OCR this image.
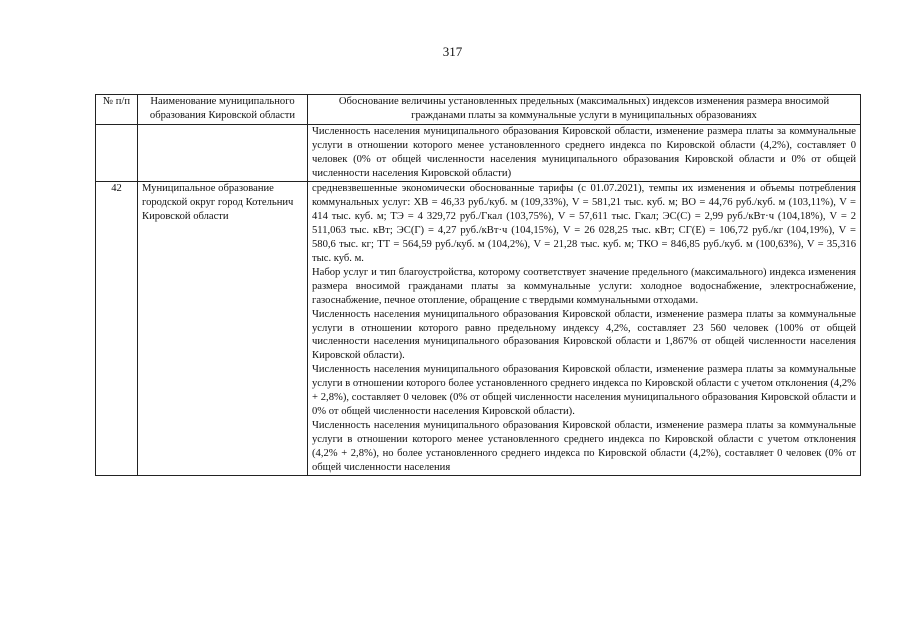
317
№ п/п	Наименование муниципального образования Кировской области	Обоснование величины установленных предельных (максимальных) индексов изменения размера вносимой гражданами платы за коммунальные услуги в муниципальных образованиях

		Численность населения муниципального образования Кировской области, изменение размера платы за коммунальные услуги в отношении которого менее установленного среднего индекса по Кировской области (4,2%), составляет 0 человек (0% от общей численности населения муниципального образования Кировской области и 0% от общей численности населения Кировской области)

42	Муниципальное образование городской округ город Котельнич Кировской области	средневзвешенные экономически обоснованные тарифы (с 01.07.2021), темпы их изменения и объемы потребления коммунальных услуг: ХВ = 46,33 руб./куб. м (109,33%), V = 581,21 тыс. куб. м; ВО = 44,76 руб./куб. м (103,11%), V = 414 тыс. куб. м; ТЭ = 4 329,72 руб./Гкал (103,75%), V = 57,611 тыс. Гкал; ЭС(С) = 2,99 руб./кВт·ч (104,18%), V = 2 511,063 тыс. кВт; ЭС(Г) = 4,27 руб./кВт·ч (104,15%), V = 26 028,25 тыс. кВт; СГ(Е) = 106,72 руб./кг (104,19%), V = 580,6 тыс. кг; ТТ = 564,59 руб./куб. м (104,2%), V = 21,28 тыс. куб. м; ТКО = 846,85 руб./куб. м (100,63%), V = 35,316 тыс. куб. м.

Набор услуг и тип благоустройства, которому соответствует значение предельного (максимального) индекса изменения размера вносимой гражданами платы за коммунальные услуги: холодное водоснабжение, электроснабжение, газоснабжение, печное отопление, обращение с твердыми коммунальными отходами.

Численность населения муниципального образования Кировской области, изменение размера платы за коммунальные услуги в отношении которого равно предельному индексу 4,2%, составляет 23 560 человек (100% от общей численности населения муниципального образования Кировской области и 1,867% от общей численности населения Кировской области).

Численность населения муниципального образования Кировской области, изменение размера платы за коммунальные услуги в отношении которого более установленного среднего индекса по Кировской области с учетом отклонения (4,2% + 2,8%), составляет 0 человек (0% от общей численности населения муниципального образования Кировской области и 0% от общей численности населения Кировской области).

Численность населения муниципального образования Кировской области, изменение размера платы за коммунальные услуги в отношении которого менее установленного среднего индекса по Кировской области с учетом отклонения (4,2% + 2,8%), но более установленного среднего индекса по Кировской области (4,2%), составляет 0 человек (0% от общей численности населения
